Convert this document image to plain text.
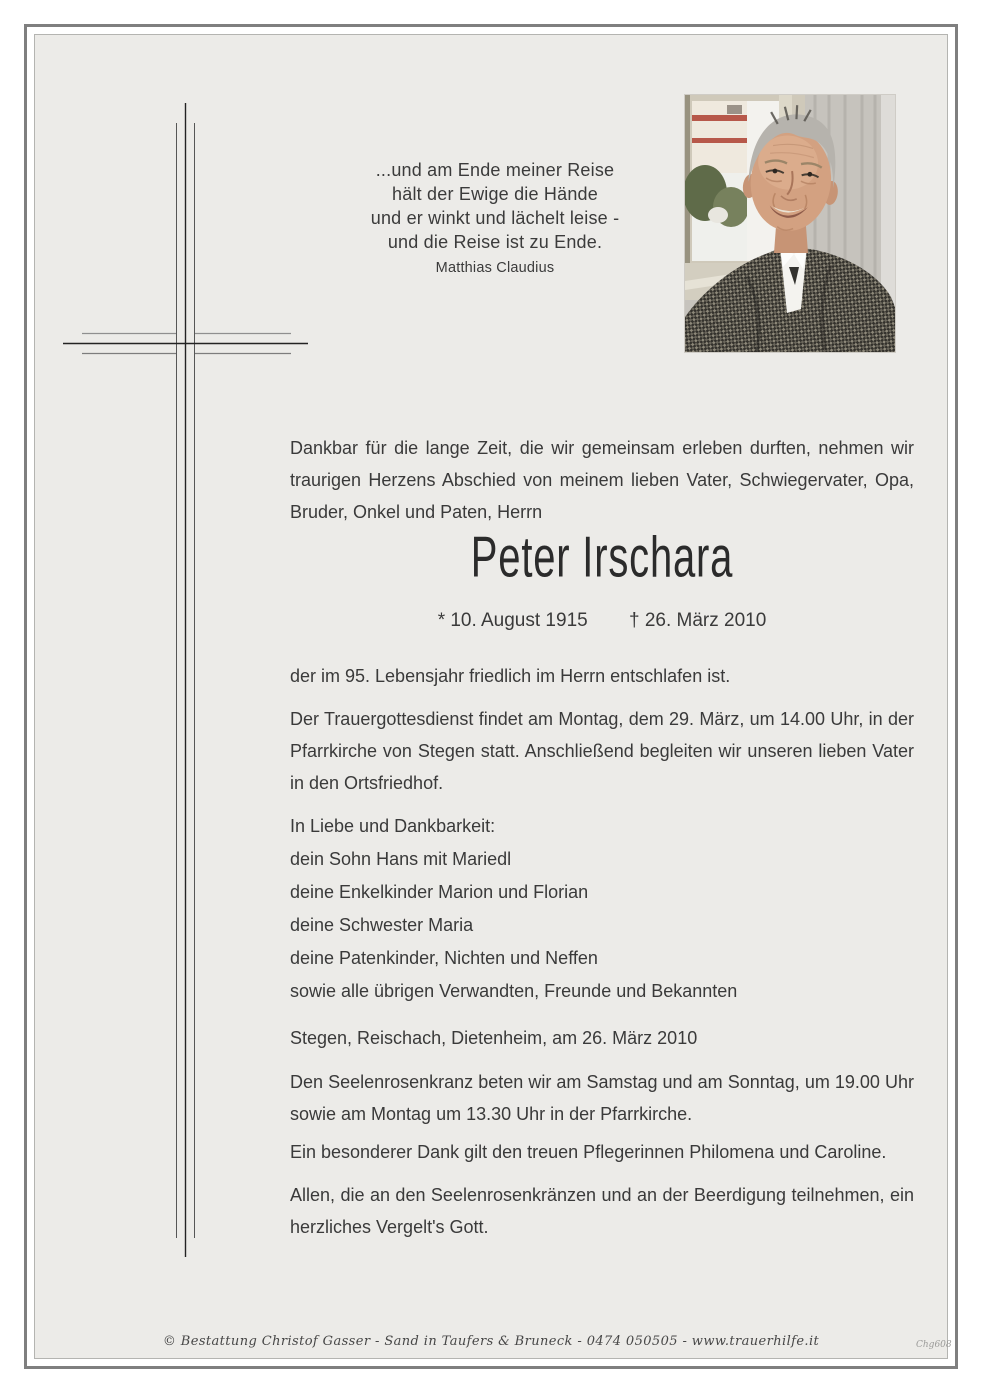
...und am Ende meiner Reise
hält der Ewige die Hände
und er winkt und lächelt leise -
und die Reise ist zu Ende.
Matthias Claudius
Dankbar für die lange Zeit, die wir gemeinsam erleben durften, nehmen wir traurigen Herzens Abschied von meinem lieben Vater, Schwiegervater, Opa, Bruder, Onkel und Paten, Herrn
Peter Irschara
* 10. August 1915 † 26. März 2010
der im 95. Lebensjahr friedlich im Herrn entschlafen ist.
Der Trauergottesdienst findet am Montag, dem 29. März, um 14.00 Uhr, in der Pfarrkirche von Stegen statt. Anschließend begleiten wir unseren lieben Vater in den Ortsfriedhof.
In Liebe und Dankbarkeit:
dein Sohn Hans mit Mariedl
deine Enkelkinder Marion und Florian
deine Schwester Maria
deine Patenkinder, Nichten und Neffen
sowie alle übrigen Verwandten, Freunde und Bekannten
Stegen, Reischach, Dietenheim, am 26. März 2010
Den Seelenrosenkranz beten wir am Samstag und am Sonntag, um 19.00 Uhr sowie am Montag um 13.30 Uhr in der Pfarrkirche.
Ein besonderer Dank gilt den treuen Pflegerinnen Philomena und Caroline.
Allen, die an den Seelenrosenkränzen und an der Beerdigung teilnehmen, ein herzliches Vergelt's Gott.
© Bestattung Christof Gasser - Sand in Taufers & Bruneck - 0474 050505 - www.trauerhilfe.it	Chg608
